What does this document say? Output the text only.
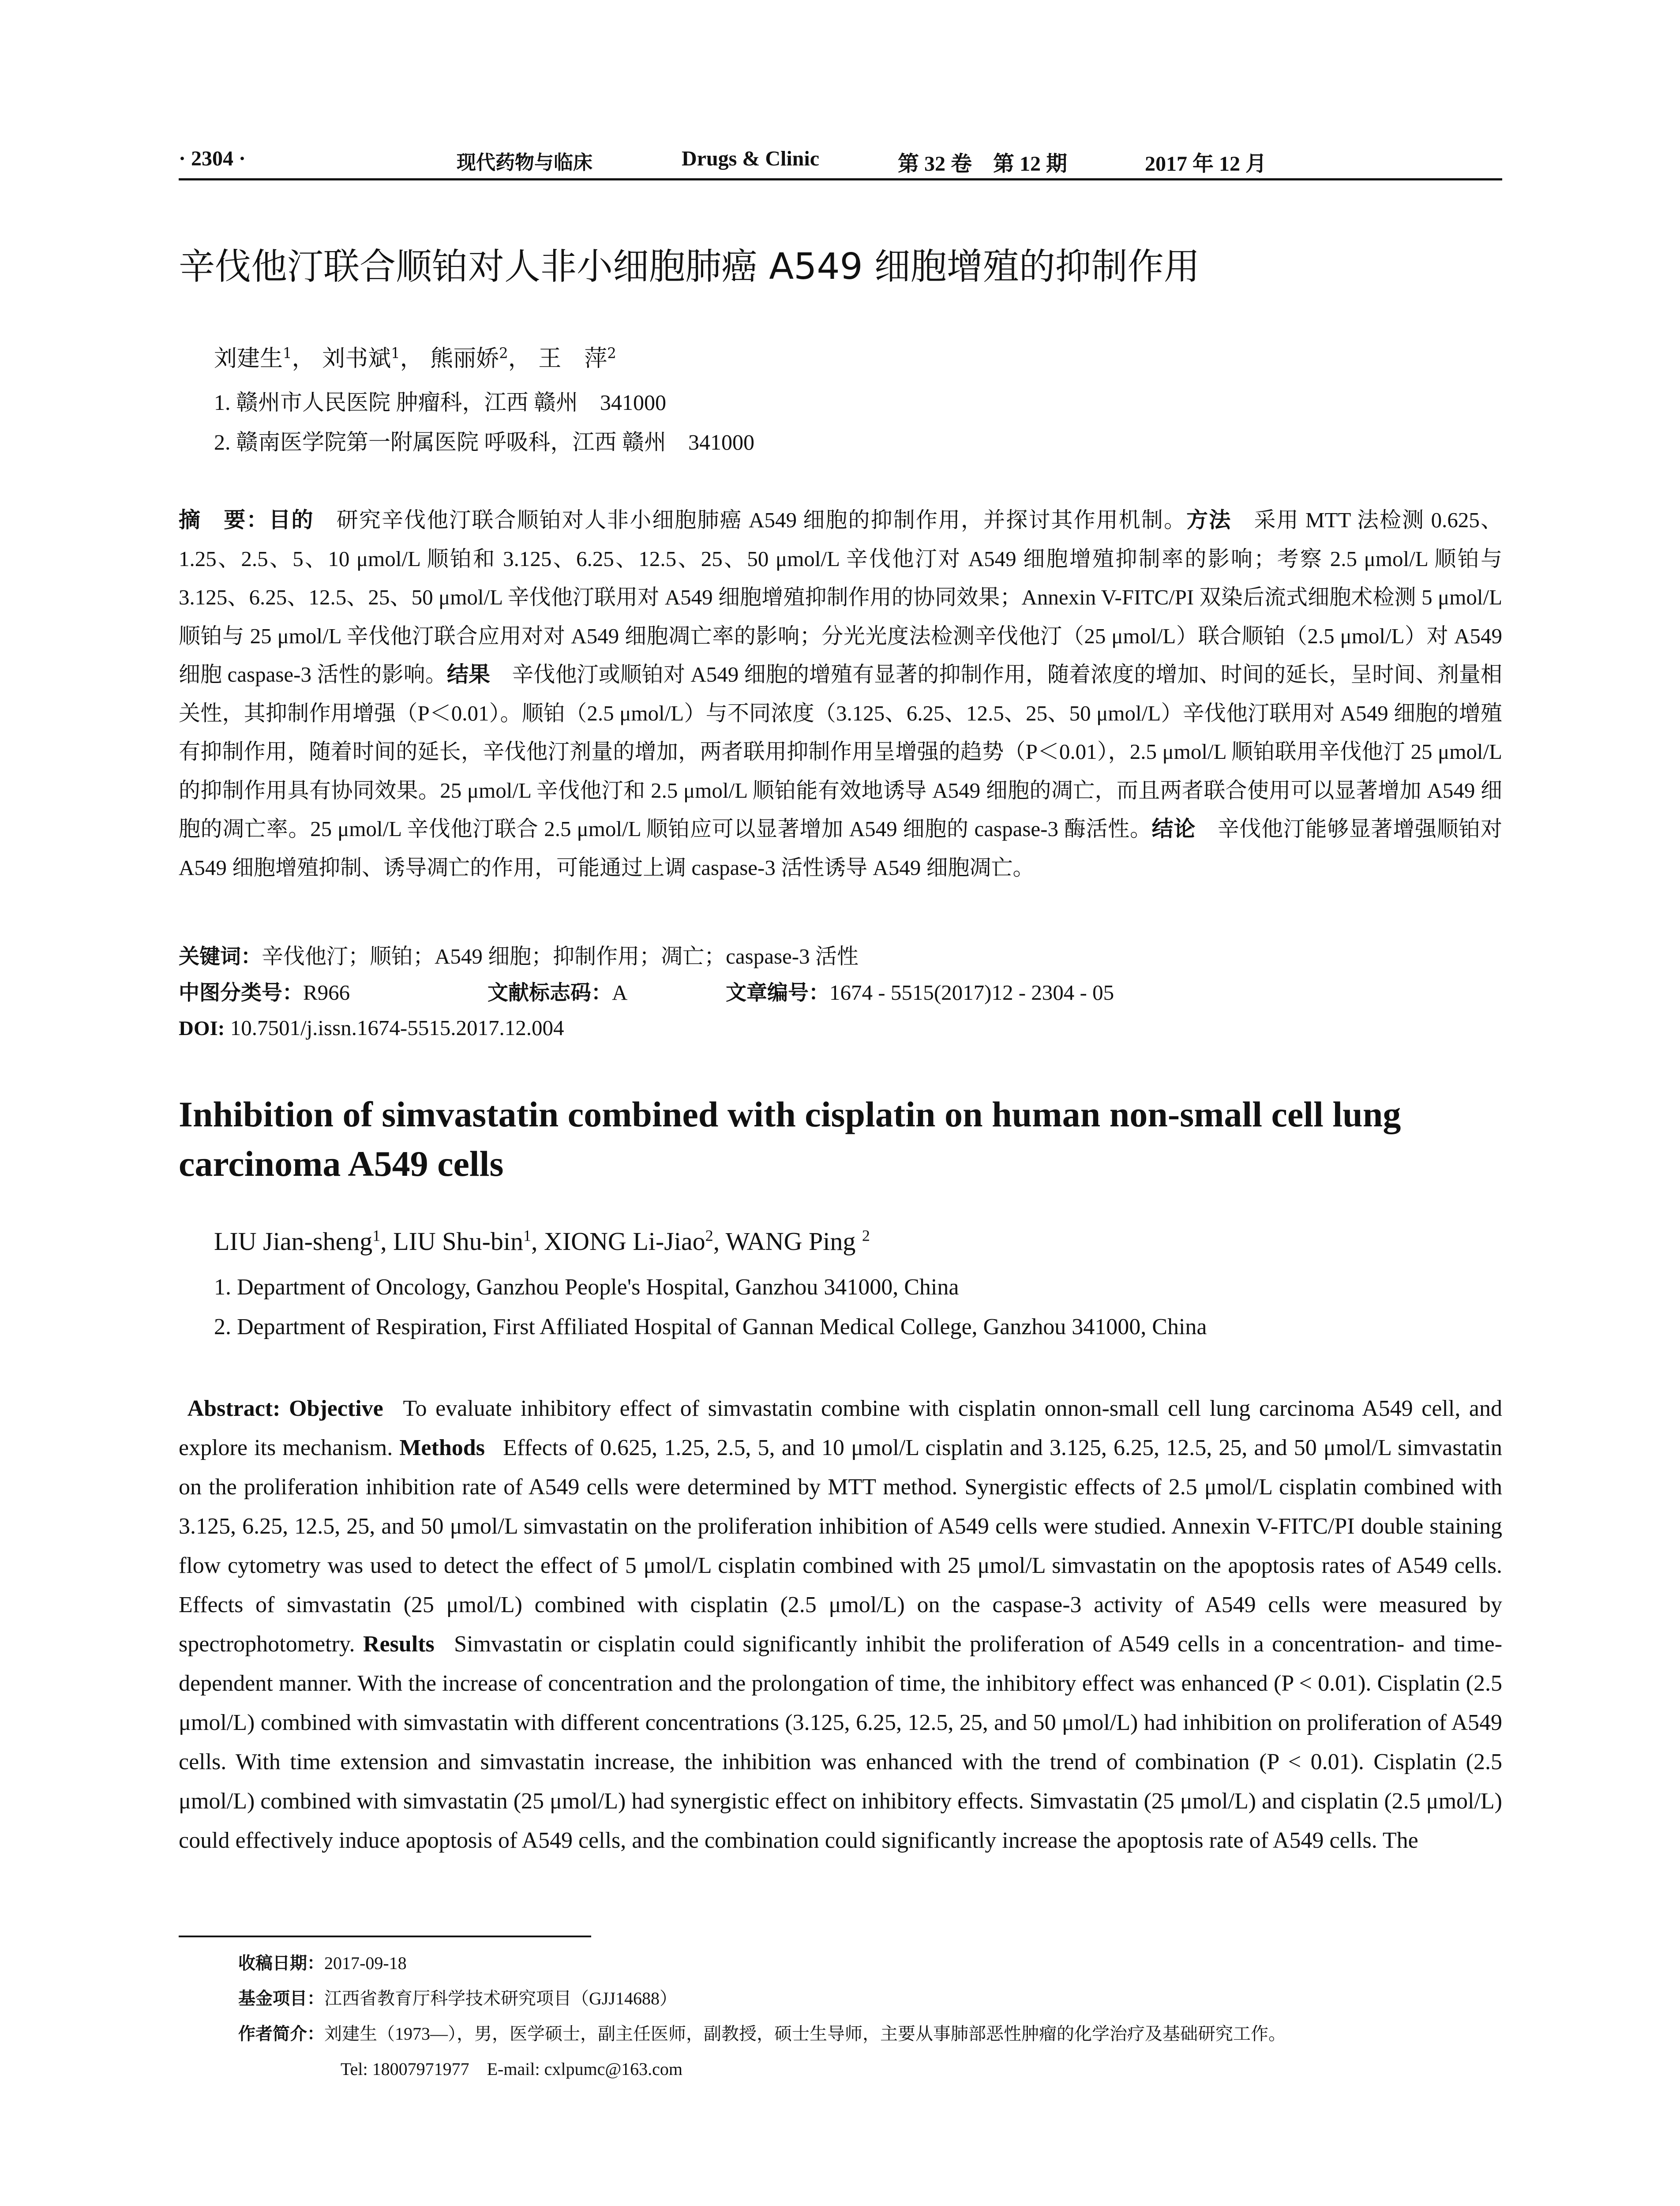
· 2304 ·	现代药物与临床	Drugs & Clinic	第 32 卷　第 12 期	2017 年 12 月
辛伐他汀联合顺铂对人非小细胞肺癌 A549 细胞增殖的抑制作用
刘建生$^1$， 刘书斌$^1$， 熊丽娇$^2$， 王　萍$^2$
1. 赣州市人民医院 肿瘤科，江西 赣州　341000
2. 赣南医学院第一附属医院 呼吸科，江西 赣州　341000
摘　要：目的  研究辛伐他汀联合顺铂对人非小细胞肺癌 A549 细胞的抑制作用，并探讨其作用机制。方法  采用 MTT 法检测 0.625、1.25、2.5、5、10 μmol/L 顺铂和 3.125、6.25、12.5、25、50 μmol/L 辛伐他汀对 A549 细胞增殖抑制率的影响；考察 2.5 μmol/L 顺铂与 3.125、6.25、12.5、25、50 μmol/L 辛伐他汀联用对 A549 细胞增殖抑制作用的协同效果；Annexin V-FITC/PI 双染后流式细胞术检测 5 μmol/L 顺铂与 25 μmol/L 辛伐他汀联合应用对对 A549 细胞凋亡率的影响；分光光度法检测辛伐他汀（25 μmol/L）联合顺铂（2.5 μmol/L）对 A549 细胞 caspase-3 活性的影响。结果  辛伐他汀或顺铂对 A549 细胞的增殖有显著的抑制作用，随着浓度的增加、时间的延长，呈时间、剂量相关性，其抑制作用增强（P＜0.01）。顺铂（2.5 μmol/L）与不同浓度（3.125、6.25、12.5、25、50 μmol/L）辛伐他汀联用对 A549 细胞的增殖有抑制作用，随着时间的延长，辛伐他汀剂量的增加，两者联用抑制作用呈增强的趋势（P＜0.01），2.5 μmol/L 顺铂联用辛伐他汀 25 μmol/L 的抑制作用具有协同效果。25 μmol/L 辛伐他汀和 2.5 μmol/L 顺铂能有效地诱导 A549 细胞的凋亡，而且两者联合使用可以显著增加 A549 细胞的凋亡率。25 μmol/L 辛伐他汀联合 2.5 μmol/L 顺铂应可以显著增加 A549 细胞的 caspase-3 酶活性。结论  辛伐他汀能够显著增强顺铂对 A549 细胞增殖抑制、诱导凋亡的作用，可能通过上调 caspase-3 活性诱导 A549 细胞凋亡。
关键词：辛伐他汀；顺铂；A549 细胞；抑制作用；凋亡；caspase-3 活性
中图分类号：R966	文献标志码：A	文章编号：1674 - 5515(2017)12 - 2304 - 05
DOI: 10.7501/j.issn.1674-5515.2017.12.004
Inhibition of simvastatin combined with cisplatin on human non-small cell lung carcinoma A549 cells
LIU Jian-sheng$^1$, LIU Shu-bin$^1$, XIONG Li-Jiao$^2$, WANG Ping $^2$
1. Department of Oncology, Ganzhou People's Hospital, Ganzhou 341000, China
2. Department of Respiration, First Affiliated Hospital of Gannan Medical College, Ganzhou 341000, China
Abstract: Objective  To evaluate inhibitory effect of simvastatin combine with cisplatin onnon-small cell lung carcinoma A549 cell, and explore its mechanism. Methods  Effects of 0.625, 1.25, 2.5, 5, and 10 μmol/L cisplatin and 3.125, 6.25, 12.5, 25, and 50 μmol/L simvastatin on the proliferation inhibition rate of A549 cells were determined by MTT method. Synergistic effects of 2.5 μmol/L cisplatin combined with 3.125, 6.25, 12.5, 25, and 50 μmol/L simvastatin on the proliferation inhibition of A549 cells were studied. Annexin V-FITC/PI double staining flow cytometry was used to detect the effect of 5 μmol/L cisplatin combined with 25 μmol/L simvastatin on the apoptosis rates of A549 cells. Effects of simvastatin (25 μmol/L) combined with cisplatin (2.5 μmol/L) on the caspase-3 activity of A549 cells were measured by spectrophotometry. Results  Simvastatin or cisplatin could significantly inhibit the proliferation of A549 cells in a concentration- and time-dependent manner. With the increase of concentration and the prolongation of time, the inhibitory effect was enhanced (P < 0.01). Cisplatin (2.5 μmol/L) combined with simvastatin with different concentrations (3.125, 6.25, 12.5, 25, and 50 μmol/L) had inhibition on proliferation of A549 cells. With time extension and simvastatin increase, the inhibition was enhanced with the trend of combination (P < 0.01). Cisplatin (2.5 μmol/L) combined with simvastatin (25 μmol/L) had synergistic effect on inhibitory effects. Simvastatin (25 μmol/L) and cisplatin (2.5 μmol/L) could effectively induce apoptosis of A549 cells, and the combination could significantly increase the apoptosis rate of A549 cells. The
收稿日期：2017-09-18
基金项目：江西省教育厅科学技术研究项目（GJJ14688）
作者简介：刘建生（1973—），男，医学硕士，副主任医师，副教授，硕士生导师，主要从事肺部恶性肿瘤的化学治疗及基础研究工作。
Tel: 18007971977　E-mail: cxlpumc@163.com
